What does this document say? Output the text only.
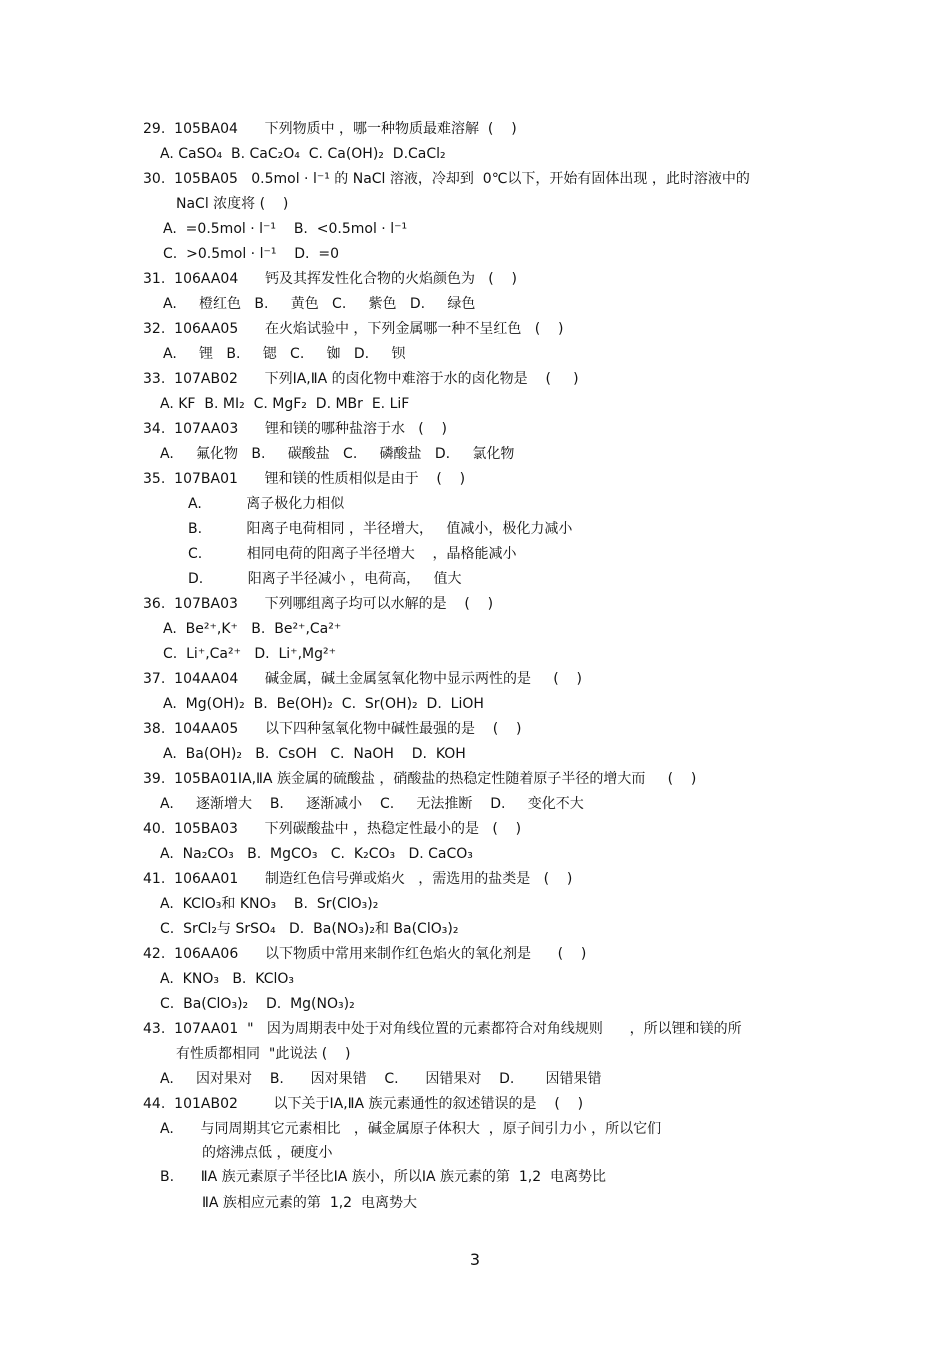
29.  105BA04      下列物质中 ，哪一种物质最难溶解  (    )
A. CaSO₄  B. CaC₂O₄  C. Ca(OH)₂  D.CaCl₂
30.  105BA05   0.5mol · l⁻¹ 的 NaCl 溶液，冷却到  0℃以下，开始有固体出现 ，此时溶液中的
NaCl 浓度将 (    )
A.  =0.5mol · l⁻¹    B.  <0.5mol · l⁻¹
C.  >0.5mol · l⁻¹    D.  =0
31.  106AA04      钙及其挥发性化合物的火焰颜色为   (    )
A.     橙红色   B.     黄色   C.     紫色   D.     绿色
32.  106AA05      在火焰试验中 ，下列金属哪一种不呈红色   (    )
A.     锂   B.     锶   C.     铷   D.     钡
33.  107AB02      下列ⅠA,ⅡA 的卤化物中难溶于水的卤化物是    (     )
A. KF  B. MI₂  C. MgF₂  D. MBr  E. LiF
34.  107AA03      锂和镁的哪种盐溶于水   (    )
A.     氟化物   B.     碳酸盐   C.     磷酸盐   D.     氯化物
35.  107BA01      锂和镁的性质相似是由于    (    )
A.          离子极化力相似
B.          阳离子电荷相同 ，半径增大，   值减小，极化力减小
C.          相同电荷的阳离子半径增大    ，晶格能减小
D.          阳离子半径减小 ，电荷高，   值大
36.  107BA03      下列哪组离子均可以水解的是    (    )
A.  Be²⁺,K⁺   B.  Be²⁺,Ca²⁺
C.  Li⁺,Ca²⁺   D.  Li⁺,Mg²⁺
37.  104AA04      碱金属，碱土金属氢氧化物中显示两性的是     (    )
A.  Mg(OH)₂  B.  Be(OH)₂  C.  Sr(OH)₂  D.  LiOH
38.  104AA05      以下四种氢氧化物中碱性最强的是    (    )
A.  Ba(OH)₂   B.  CsOH   C.  NaOH    D.  KOH
39.  105BA01ⅠA,ⅡA 族金属的硫酸盐 ，硝酸盐的热稳定性随着原子半径的增大而     (    )
A.     逐渐增大    B.     逐渐减小    C.     无法推断    D.     变化不大
40.  105BA03      下列碳酸盐中 ，热稳定性最小的是   (    )
A.  Na₂CO₃   B.  MgCO₃   C.  K₂CO₃   D. CaCO₃
41.  106AA01      制造红色信号弹或焰火   ，需选用的盐类是   (    )
A.  KClO₃和 KNO₃    B.  Sr(ClO₃)₂
C.  SrCl₂与 SrSO₄   D.  Ba(NO₃)₂和 Ba(ClO₃)₂
42.  106AA06      以下物质中常用来制作红色焰火的氧化剂是      (    )
A.  KNO₃   B.  KClO₃
C.  Ba(ClO₃)₂    D.  Mg(NO₃)₂
43.  107AA01  "   因为周期表中处于对角线位置的元素都符合对角线规则      ，所以锂和镁的所
有性质都相同  "此说法 (    )
A.     因对果对    B.      因对果错    C.      因错果对    D.       因错果错
44.  101AB02        以下关于ⅠA,ⅡA 族元素通性的叙述错误的是    (    )
A.      与同周期其它元素相比   ，碱金属原子体积大  ，原子间引力小 ，所以它们
的熔沸点低 ，硬度小
B.      ⅡA 族元素原子半径比ⅠA 族小，所以ⅠA 族元素的第  1,2  电离势比
ⅡA 族相应元素的第  1,2  电离势大
3
